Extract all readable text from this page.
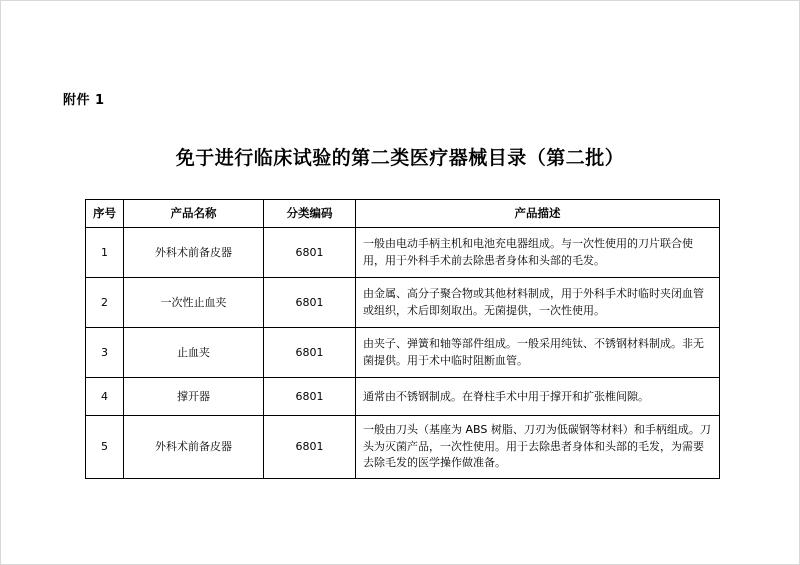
附件 1
免于进行临床试验的第二类医疗器械目录（第二批）
序号	产品名称	分类编码	产品描述
1	外科术前备皮器	6801	一般由电动手柄主机和电池充电器组成。与一次性使用的刀片联合使用，用于外科手术前去除患者身体和头部的毛发。
2	一次性止血夹	6801	由金属、高分子聚合物或其他材料制成，用于外科手术时临时夹闭血管或组织，术后即刻取出。无菌提供，一次性使用。
3	止血夹	6801	由夹子、弹簧和轴等部件组成。一般采用纯钛、不锈钢材料制成。非无菌提供。用于术中临时阻断血管。
4	撑开器	6801	通常由不锈钢制成。在脊柱手术中用于撑开和扩张椎间隙。
5	外科术前备皮器	6801	一般由刀头（基座为 ABS 树脂、刀刃为低碳钢等材料）和手柄组成。刀头为灭菌产品，一次性使用。用于去除患者身体和头部的毛发，为需要去除毛发的医学操作做准备。
